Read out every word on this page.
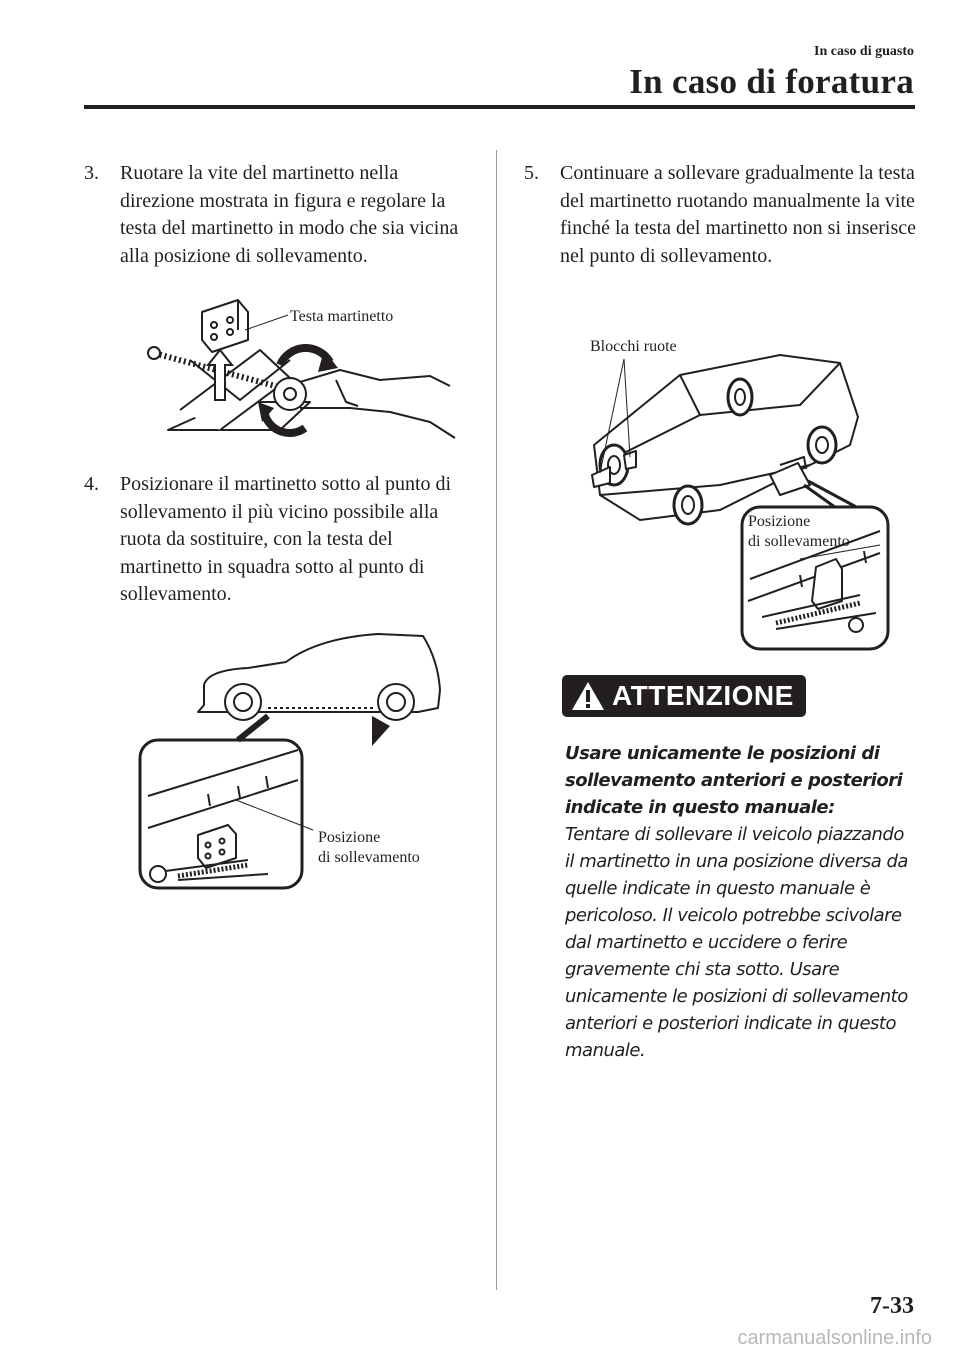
In caso di guasto
In caso di foratura
3. Ruotare la vite del martinetto nella direzione mostrata in figura e regolare la testa del martinetto in modo che sia vicina alla posizione di sollevamento.
Testa martinetto
4. Posizionare il martinetto sotto al punto di sollevamento il più vicino possibile alla ruota da sostituire, con la testa del martinetto in squadra sotto al punto di sollevamento.
Posizione
di sollevamento
5. Continuare a sollevare gradualmente la testa del martinetto ruotando manualmente la vite finché la testa del martinetto non si inserisce nel punto di sollevamento.
Blocchi ruote
Posizione
di sollevamento
ATTENZIONE
Usare unicamente le posizioni di sollevamento anteriori e posteriori indicate in questo manuale:
Tentare di sollevare il veicolo piazzando il martinetto in una posizione diversa da quelle indicate in questo manuale è pericoloso. Il veicolo potrebbe scivolare dal martinetto e uccidere o ferire gravemente chi sta sotto. Usare unicamente le posizioni di sollevamento anteriori e posteriori indicate in questo manuale.
7-33
carmanualsonline.info
